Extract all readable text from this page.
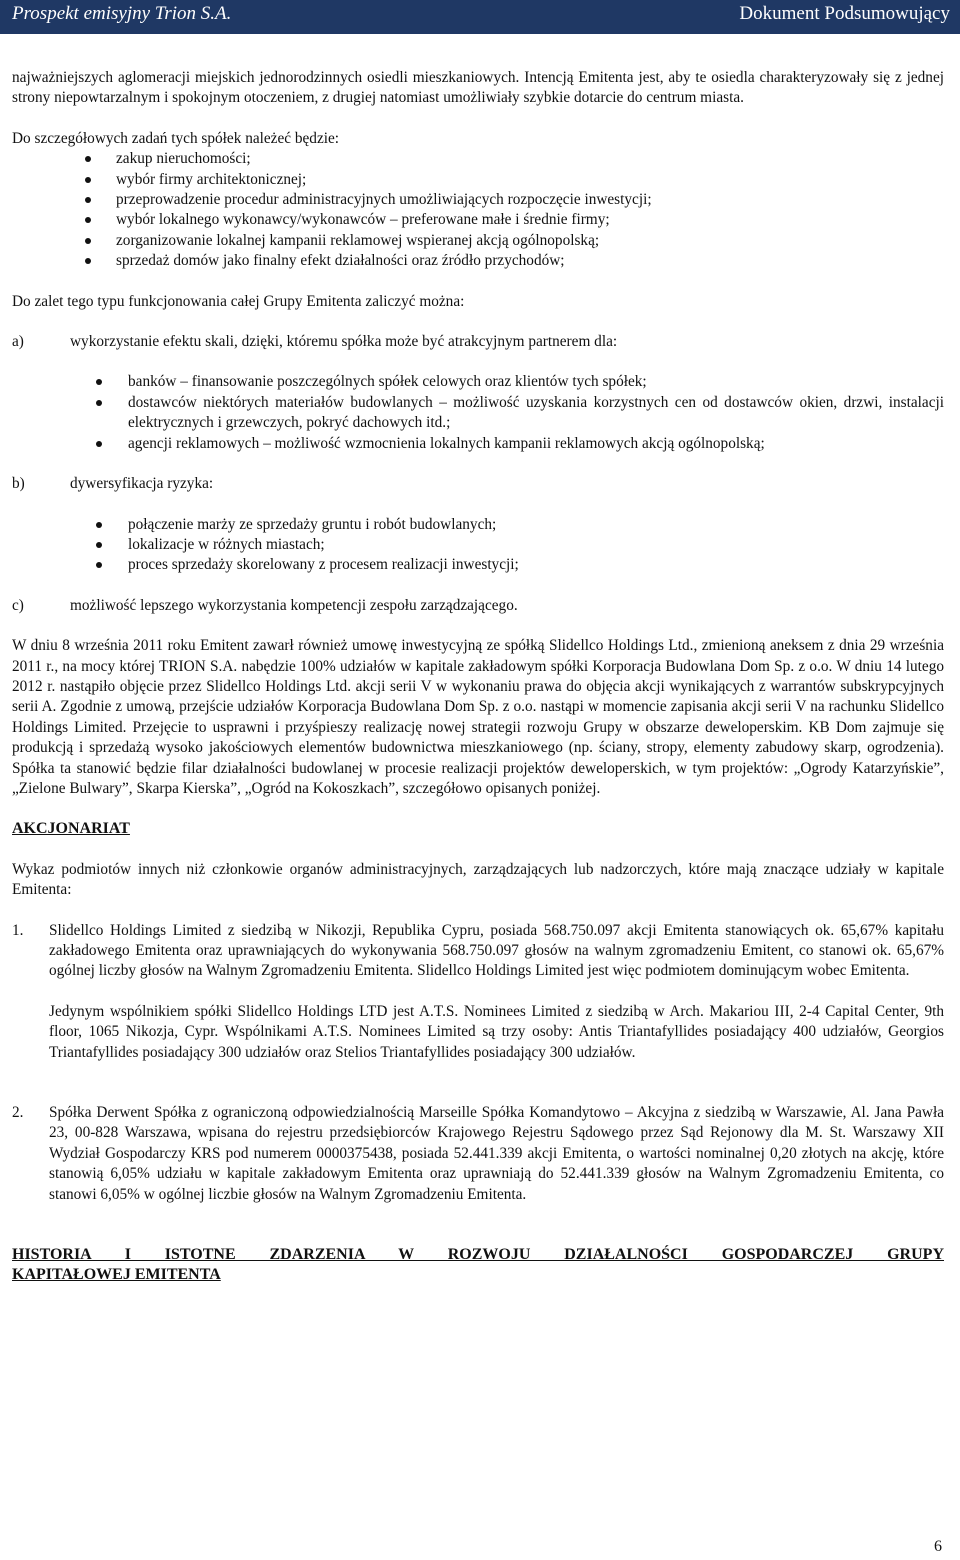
Prospekt emisyjny Trion S.A.	Dokument Podsumowujący

najważniejszych aglomeracji miejskich jednorodzinnych osiedli mieszkaniowych. Intencją Emitenta jest, aby te osiedla charakteryzowały się z jednej strony niepowtarzalnym i spokojnym otoczeniem, z drugiej natomiast umożliwiały szybkie dotarcie do centrum miasta.

Do szczegółowych zadań tych spółek należeć będzie:

zakup nieruchomości;
wybór firmy architektonicznej;
przeprowadzenie procedur administracyjnych umożliwiających rozpoczęcie inwestycji;
wybór lokalnego wykonawcy/wykonawców – preferowane małe i średnie firmy;
zorganizowanie lokalnej kampanii reklamowej wspieranej akcją ogólnopolską;
sprzedaż domów jako finalny efekt działalności oraz źródło przychodów;

Do zalet tego typu funkcjonowania całej Grupy Emitenta zaliczyć można:

a)	wykorzystanie efektu skali, dzięki, któremu spółka może być atrakcyjnym partnerem dla:
banków – finansowanie poszczególnych spółek celowych oraz klientów tych spółek;
dostawców niektórych materiałów budowlanych – możliwość uzyskania korzystnych cen od dostawców okien, drzwi, instalacji elektrycznych i grzewczych, pokryć dachowych itd.;
agencji reklamowych – możliwość wzmocnienia lokalnych kampanii reklamowych akcją ogólnopolską;
b)	dywersyfikacja ryzyka:
połączenie marży ze sprzedaży gruntu i robót budowlanych;
lokalizacje w różnych miastach;
proces sprzedaży skorelowany z procesem realizacji inwestycji;
c)	możliwość lepszego wykorzystania kompetencji zespołu zarządzającego.

W dniu 8 września 2011 roku Emitent zawarł również umowę inwestycyjną ze spółką Slidellco Holdings Ltd., zmienioną aneksem z dnia 29 września 2011 r., na mocy której TRION S.A. nabędzie 100% udziałów w kapitale zakładowym spółki Korporacja Budowlana Dom Sp. z o.o. W dniu 14 lutego 2012 r. nastąpiło objęcie przez Slidellco Holdings Ltd. akcji serii V w wykonaniu prawa do objęcia akcji wynikających z warrantów subskrypcyjnych serii A. Zgodnie z umową, przejście udziałów Korporacja Budowlana Dom Sp. z o.o. nastąpi w momencie zapisania akcji serii V na rachunku Slidellco Holdings Limited. Przejęcie to usprawni i przyśpieszy realizację nowej strategii rozwoju Grupy w obszarze deweloperskim. KB Dom zajmuje się produkcją i sprzedażą wysoko jakościowych elementów budownictwa mieszkaniowego (np. ściany, stropy, elementy zabudowy skarp, ogrodzenia). Spółka ta stanowić będzie filar działalności budowlanej w procesie realizacji projektów deweloperskich, w tym projektów: „Ogrody Katarzyńskie”, „Zielone Bulwary”, Skarpa Kierska”, „Ogród na Kokoszkach”, szczegółowo opisanych poniżej.

AKCJONARIAT

Wykaz podmiotów innych niż członkowie organów administracyjnych, zarządzających lub nadzorczych, które mają znaczące udziały w kapitale Emitenta:

1. Slidellco Holdings Limited z siedzibą w Nikozji, Republika Cypru, posiada 568.750.097 akcji Emitenta stanowiących ok. 65,67% kapitału zakładowego Emitenta oraz uprawniających do wykonywania 568.750.097 głosów na walnym zgromadzeniu Emitent, co stanowi ok. 65,67% ogólnej liczby głosów na Walnym Zgromadzeniu Emitenta. Slidellco Holdings Limited jest więc podmiotem dominującym wobec Emitenta.
Jedynym wspólnikiem spółki Slidellco Holdings LTD jest A.T.S. Nominees Limited z siedzibą w Arch. Makariou III, 2-4 Capital Center, 9th floor, 1065 Nikozja, Cypr. Wspólnikami A.T.S. Nominees Limited są trzy osoby: Antis Triantafyllides posiadający 400 udziałów, Georgios Triantafyllides posiadający 300 udziałów oraz Stelios Triantafyllides posiadający 300 udziałów.
2. Spółka Derwent Spółka z ograniczoną odpowiedzialnością Marseille Spółka Komandytowo – Akcyjna z siedzibą w Warszawie, Al. Jana Pawła 23, 00-828 Warszawa, wpisana do rejestru przedsiębiorców Krajowego Rejestru Sądowego przez Sąd Rejonowy dla M. St. Warszawy XII Wydział Gospodarczy KRS pod numerem 0000375438, posiada 52.441.339 akcji Emitenta, o wartości nominalnej 0,20 złotych na akcję, które stanowią 6,05% udziału w kapitale zakładowym Emitenta oraz uprawniają do 52.441.339 głosów na Walnym Zgromadzeniu Emitenta, co stanowi 6,05% w ogólnej liczbie głosów na Walnym Zgromadzeniu Emitenta.
HISTORIA I ISTOTNE ZDARZENIA W ROZWOJU DZIAŁALNOŚCI GOSPODARCZEJ GRUPY
KAPITAŁOWEJ EMITENTA
6
